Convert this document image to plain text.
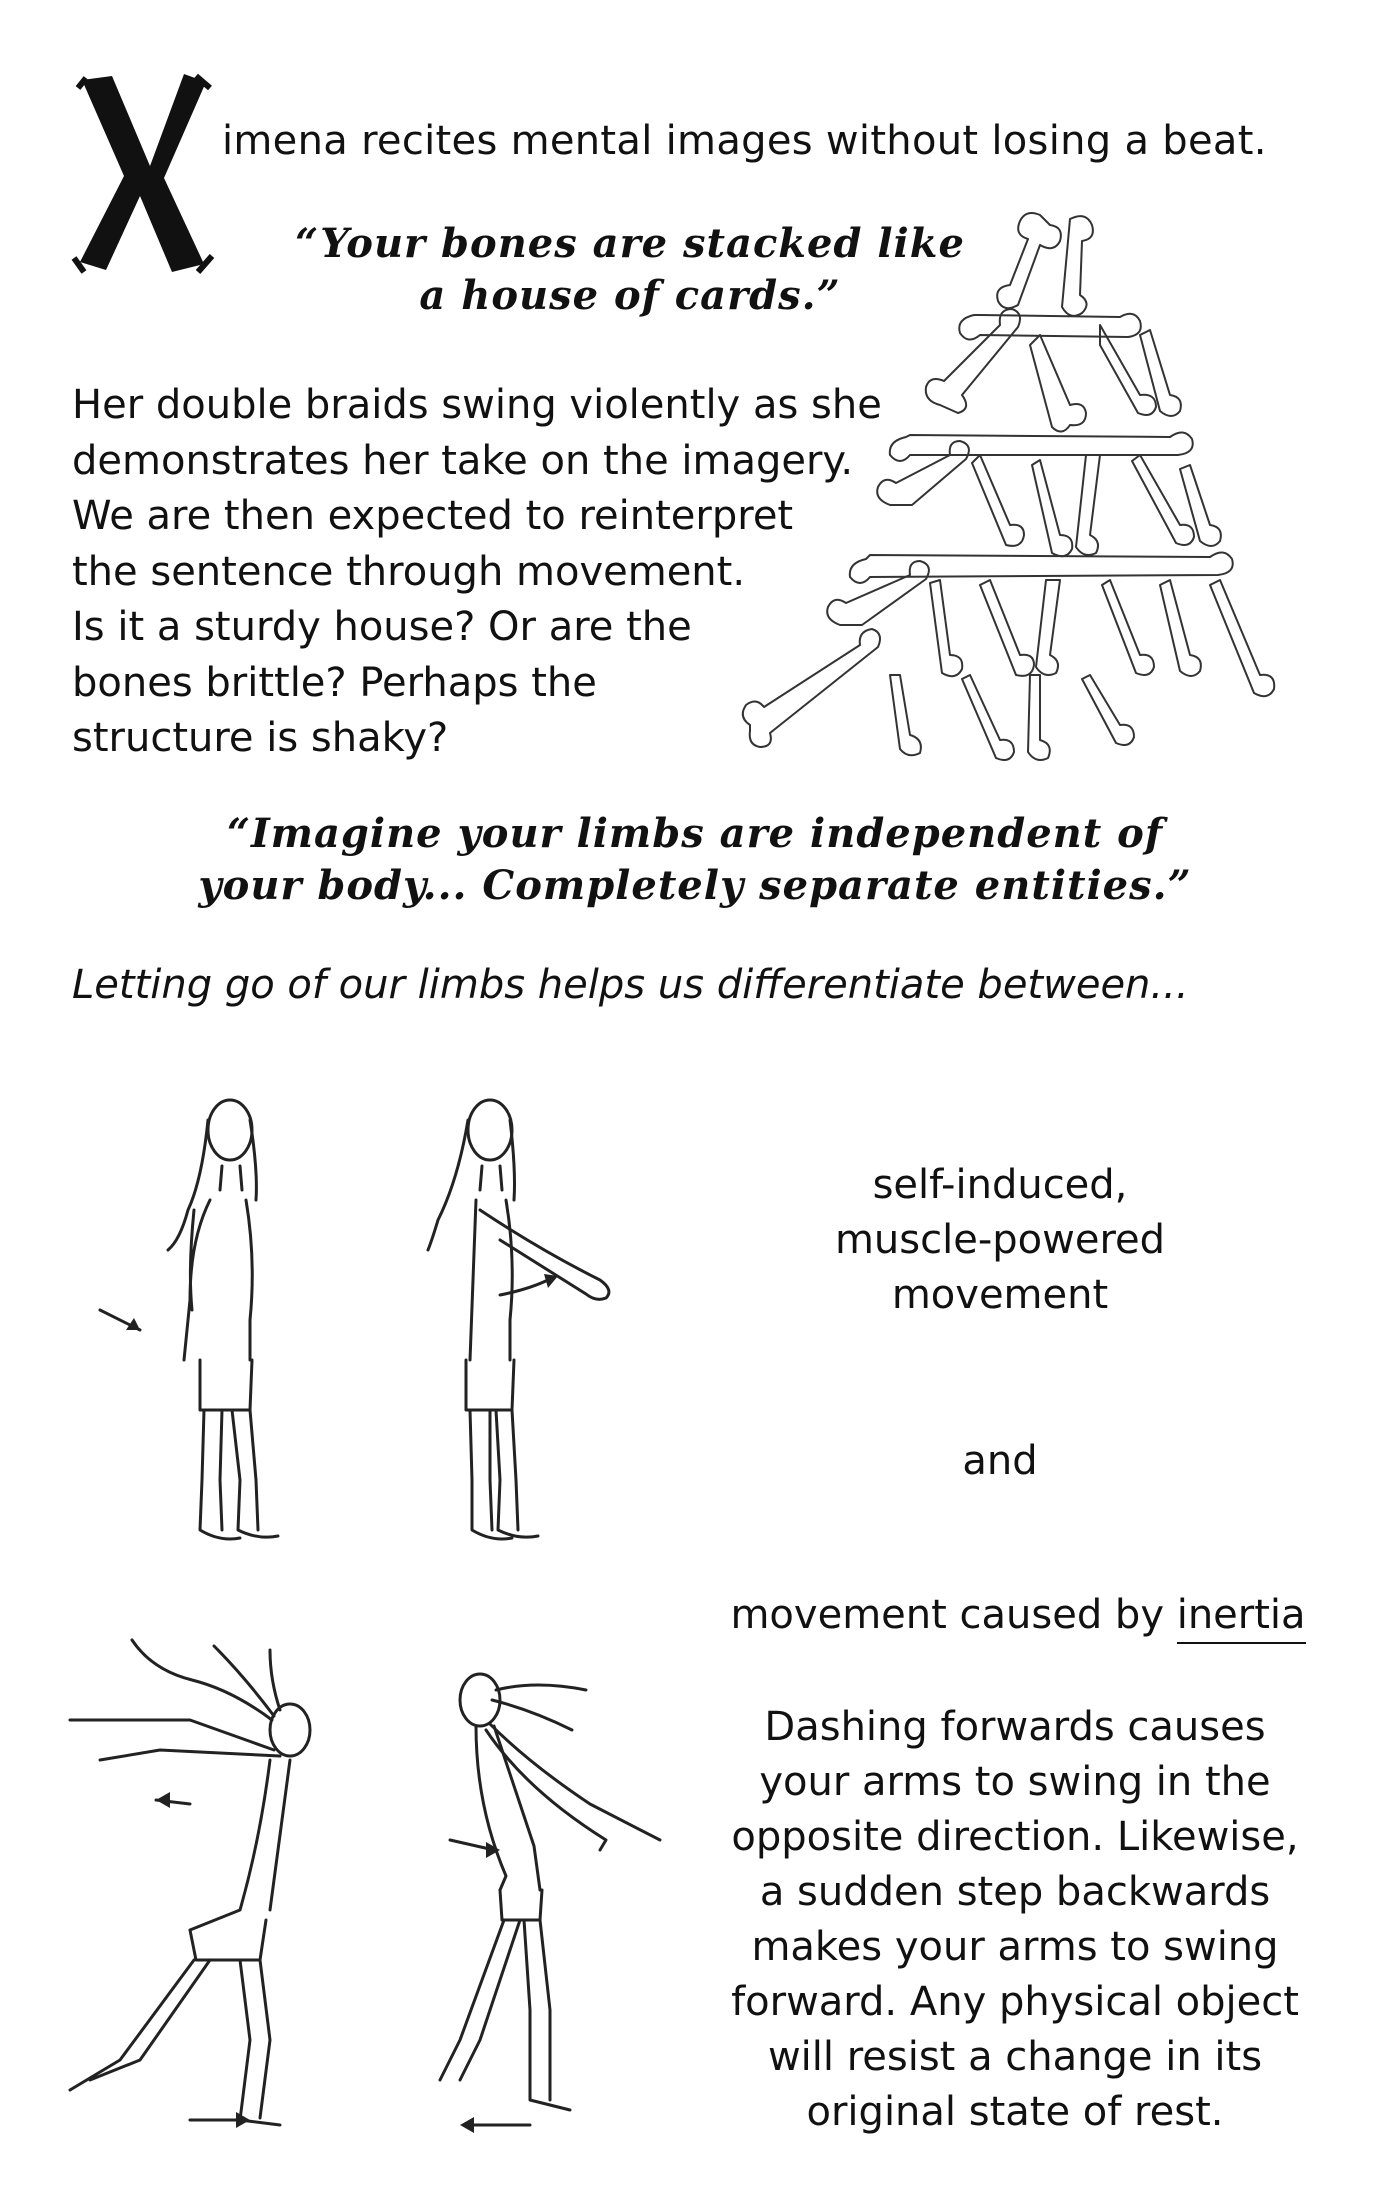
imena recites mental images without losing a beat.
“Your bones are stacked like
a house of cards.”
Her double braids swing violently as she
demonstrates her take on the imagery.
We are then expected to reinterpret
the sentence through movement.
Is it a sturdy house? Or are the
bones brittle? Perhaps the
structure is shaky?
“Imagine your limbs are independent of
your body... Completely separate entities.”
Letting go of our limbs helps us differentiate between...
self-induced,
muscle-powered
movement
and
movement caused by inertia
Dashing forwards causes
your arms to swing in the
opposite direction. Likewise,
a sudden step backwards
makes your arms to swing
forward. Any physical object
will resist a change in its
original state of rest.
